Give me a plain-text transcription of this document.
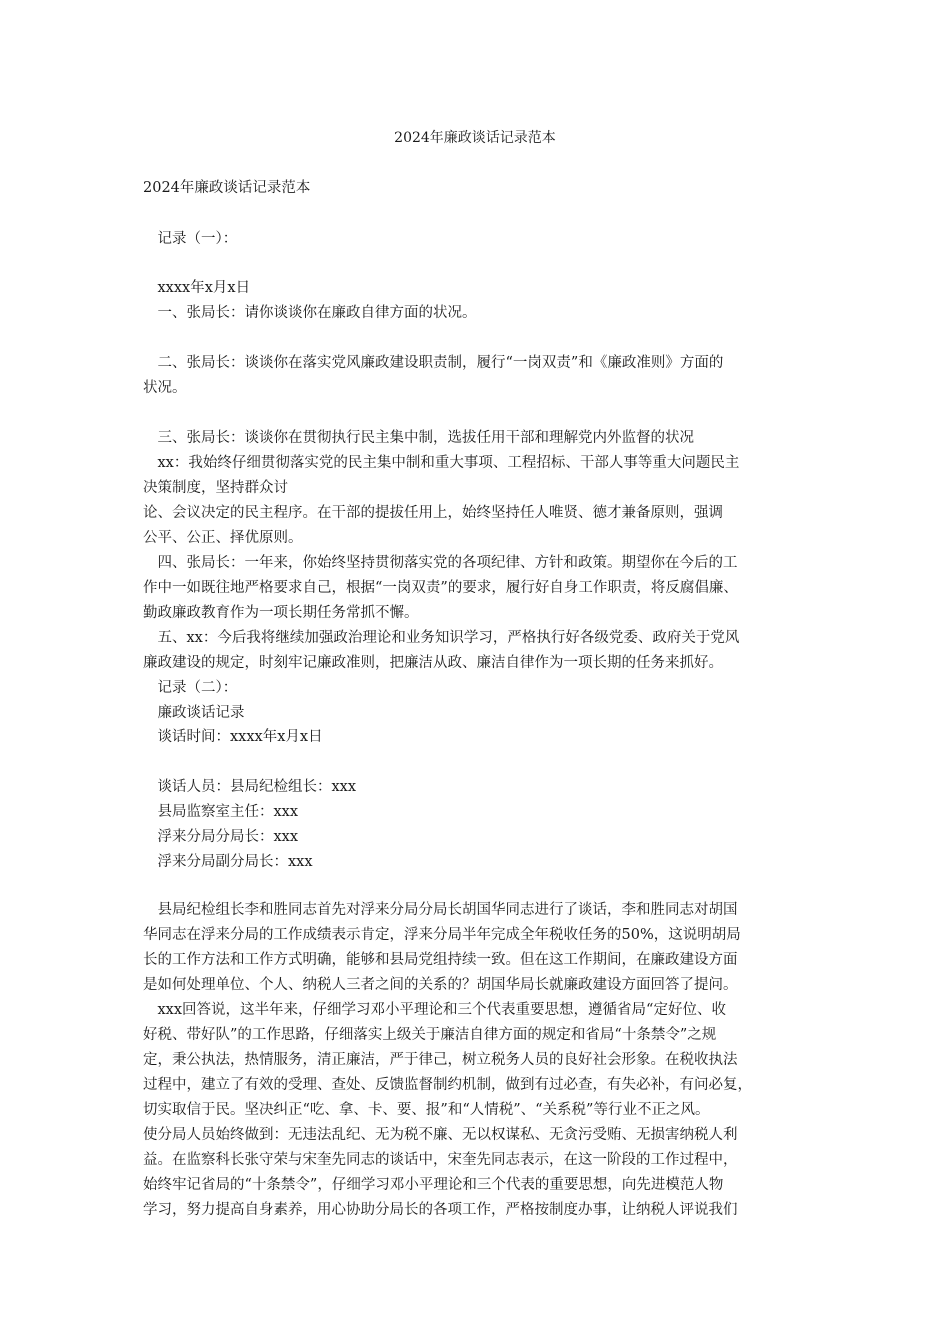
2024年廉政谈话记录范本
2024年廉政谈话记录范本
　记录（一）：
　xxxx年x月x日
　一、张局长：请你谈谈你在廉政自律方面的状况。
　二、张局长：谈谈你在落实党风廉政建设职责制，履行“一岗双责”和《廉政准则》方面的
状况。
　三、张局长：谈谈你在贯彻执行民主集中制，选拔任用干部和理解党内外监督的状况
　xx：我始终仔细贯彻落实党的民主集中制和重大事项、工程招标、干部人事等重大问题民主
决策制度，坚持群众讨
论、会议决定的民主程序。在干部的提拔任用上，始终坚持任人唯贤、德才兼备原则，强调
公平、公正、择优原则。
　四、张局长：一年来，你始终坚持贯彻落实党的各项纪律、方针和政策。期望你在今后的工
作中一如既往地严格要求自己，根据“一岗双责”的要求，履行好自身工作职责，将反腐倡廉、
勤政廉政教育作为一项长期任务常抓不懈。
　五、xx：今后我将继续加强政治理论和业务知识学习，严格执行好各级党委、政府关于党风
廉政建设的规定，时刻牢记廉政准则，把廉洁从政、廉洁自律作为一项长期的任务来抓好。
　记录（二）：
　廉政谈话记录
　谈话时间：xxxx年x月x日
　谈话人员：县局纪检组长：xxx
　县局监察室主任：xxx
　浮来分局分局长：xxx
　浮来分局副分局长：xxx
　县局纪检组长李和胜同志首先对浮来分局分局长胡国华同志进行了谈话，李和胜同志对胡国
华同志在浮来分局的工作成绩表示肯定，浮来分局半年完成全年税收任务的50%，这说明胡局
长的工作方法和工作方式明确，能够和县局党组持续一致。但在这工作期间，在廉政建设方面
是如何处理单位、个人、纳税人三者之间的关系的？胡国华局长就廉政建设方面回答了提问。
　xxx回答说，这半年来，仔细学习邓小平理论和三个代表重要思想，遵循省局“定好位、收
好税、带好队”的工作思路，仔细落实上级关于廉洁自律方面的规定和省局“十条禁令”之规
定，秉公执法，热情服务，清正廉洁，严于律己，树立税务人员的良好社会形象。在税收执法
过程中，建立了有效的受理、查处、反馈监督制约机制，做到有过必查，有失必补，有问必复，
切实取信于民。坚决纠正“吃、拿、卡、要、报”和“人情税”、“关系税”等行业不正之风。
使分局人员始终做到：无违法乱纪、无为税不廉、无以权谋私、无贪污受贿、无损害纳税人利
益。在监察科长张守荣与宋奎先同志的谈话中，宋奎先同志表示，在这一阶段的工作过程中，
始终牢记省局的“十条禁令”，仔细学习邓小平理论和三个代表的重要思想，向先进模范人物
学习，努力提高自身素养，用心协助分局长的各项工作，严格按制度办事，让纳税人评说我们
